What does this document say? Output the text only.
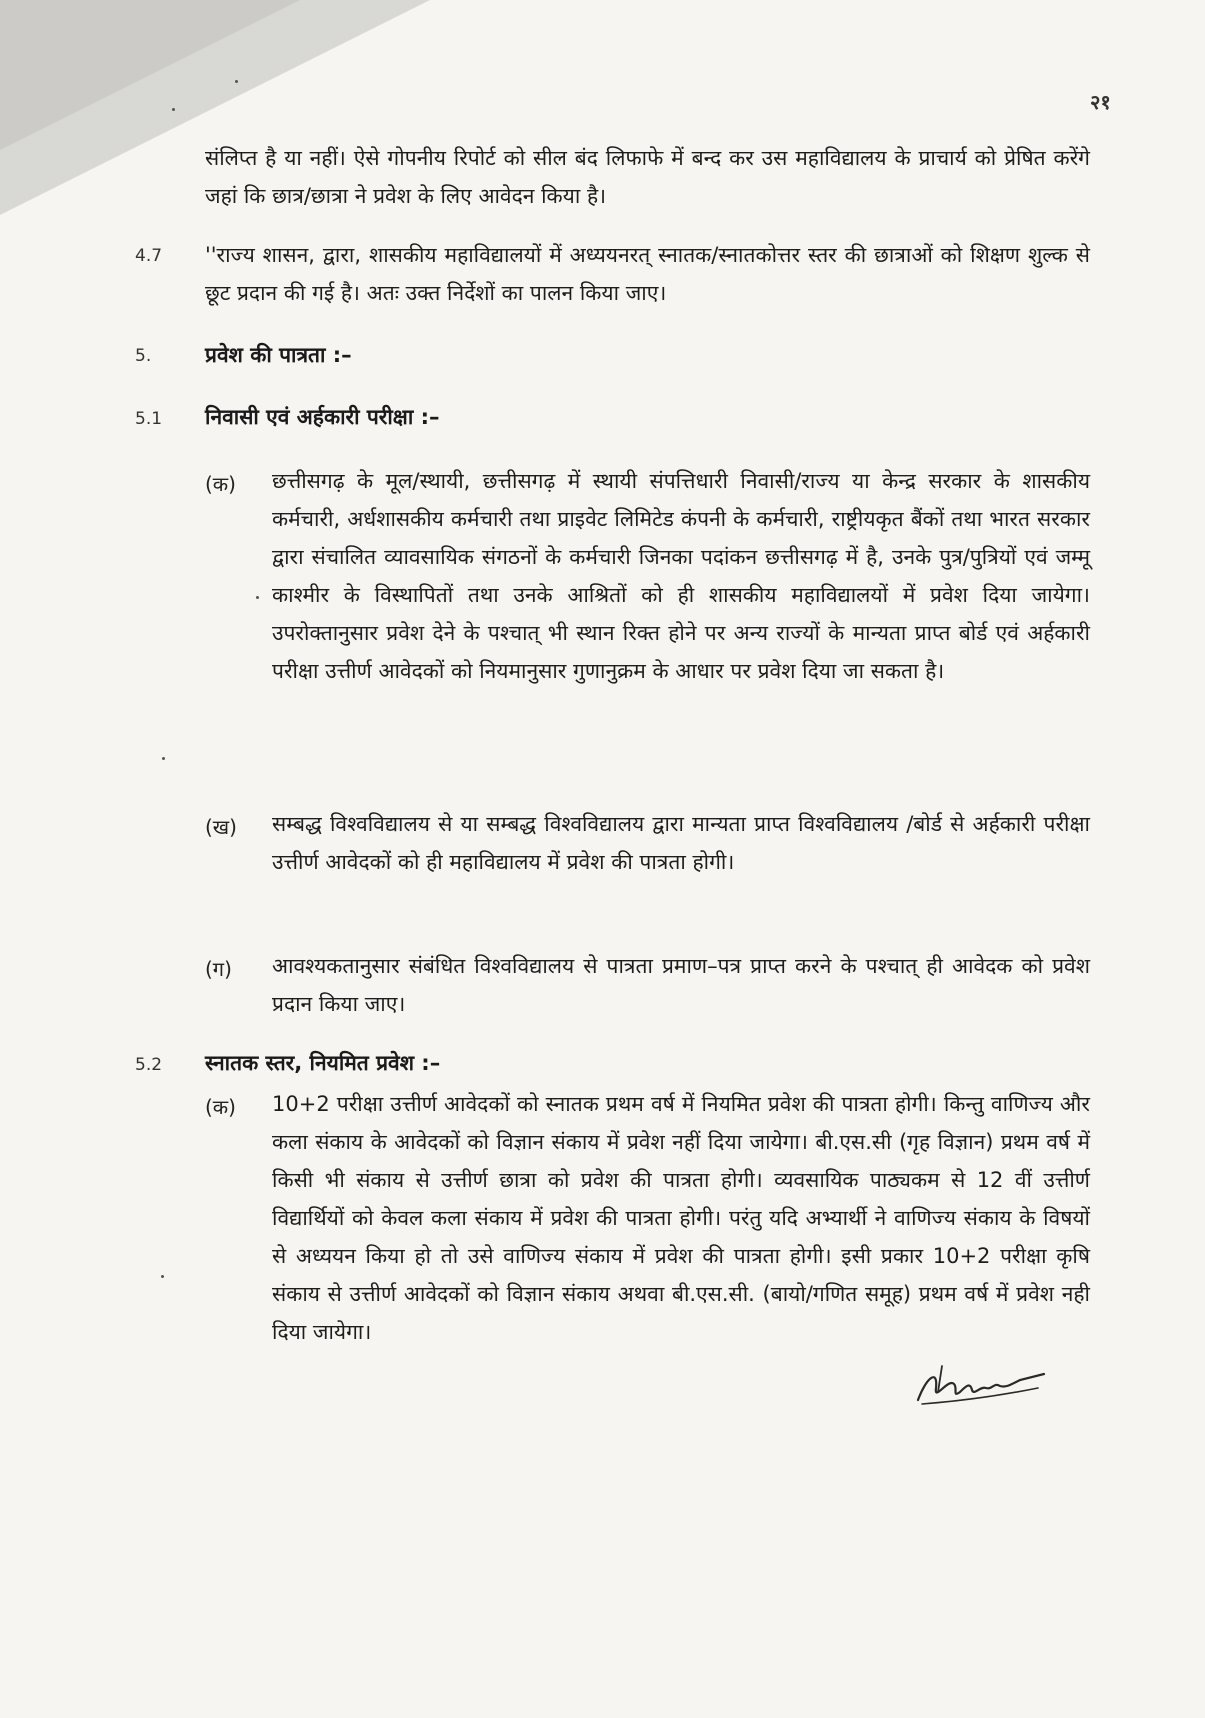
२१
संलिप्त है या नहीं। ऐसे गोपनीय रिपोर्ट को सील बंद लिफाफे में बन्द कर उस महाविद्यालय के प्राचार्य को प्रेषित करेंगे जहां कि छात्र/छात्रा ने प्रवेश के लिए आवेदन किया है।
4.7 ''राज्य शासन, द्वारा, शासकीय महाविद्यालयों में अध्ययनरत् स्नातक/स्नातकोत्तर स्तर की छात्राओं को शिक्षण शुल्क से छूट प्रदान की गई है। अतः उक्त निर्देशों का पालन किया जाए।
5.	प्रवेश की पात्रता :–
5.1 निवासी एवं अर्हकारी परीक्षा :–
(क) छत्तीसगढ़ के मूल/स्थायी, छत्तीसगढ़ में स्थायी संपत्तिधारी निवासी/राज्य या केन्द्र सरकार के शासकीय कर्मचारी, अर्धशासकीय कर्मचारी तथा प्राइवेट लिमिटेड कंपनी के कर्मचारी, राष्ट्रीयकृत बैंकों तथा भारत सरकार द्वारा संचालित व्यावसायिक संगठनों के कर्मचारी जिनका पदांकन छत्तीसगढ़ में है, उनके पुत्र/पुत्रियों एवं जम्मू काश्मीर के विस्थापितों तथा उनके आश्रितों को ही शासकीय महाविद्यालयों में प्रवेश दिया जायेगा। उपरोक्तानुसार प्रवेश देने के पश्चात् भी स्थान रिक्त होने पर अन्य राज्यों के मान्यता प्राप्त बोर्ड एवं अर्हकारी परीक्षा उत्तीर्ण आवेदकों को नियमानुसार गुणानुक्रम के आधार पर प्रवेश दिया जा सकता है।
(ख) सम्बद्ध विश्वविद्यालय से या सम्बद्ध विश्वविद्यालय द्वारा मान्यता प्राप्त विश्वविद्यालय /बोर्ड से अर्हकारी परीक्षा उत्तीर्ण आवेदकों को ही महाविद्यालय में प्रवेश की पात्रता होगी।
(ग) आवश्यकतानुसार संबंधित विश्वविद्यालय से पात्रता प्रमाण–पत्र प्राप्त करने के पश्चात् ही आवेदक को प्रवेश प्रदान किया जाए।
5.2 स्नातक स्तर, नियमित प्रवेश :–
(क) 10+2 परीक्षा उत्तीर्ण आवेदकों को स्नातक प्रथम वर्ष में नियमित प्रवेश की पात्रता होगी। किन्तु वाणिज्य और कला संकाय के आवेदकों को विज्ञान संकाय में प्रवेश नहीं दिया जायेगा। बी.एस.सी (गृह विज्ञान) प्रथम वर्ष में किसी भी संकाय से उत्तीर्ण छात्रा को प्रवेश की पात्रता होगी। व्यवसायिक पाठ्यकम से 12 वीं उत्तीर्ण विद्यार्थियों को केवल कला संकाय में प्रवेश की पात्रता होगी। परंतु यदि अभ्यार्थी ने वाणिज्य संकाय के विषयों से अध्ययन किया हो तो उसे वाणिज्य संकाय में प्रवेश की पात्रता होगी। इसी प्रकार 10+2 परीक्षा कृषि संकाय से उत्तीर्ण आवेदकों को विज्ञान संकाय अथवा बी.एस.सी. (बायो/गणित समूह) प्रथम वर्ष में प्रवेश नही दिया जायेगा।
